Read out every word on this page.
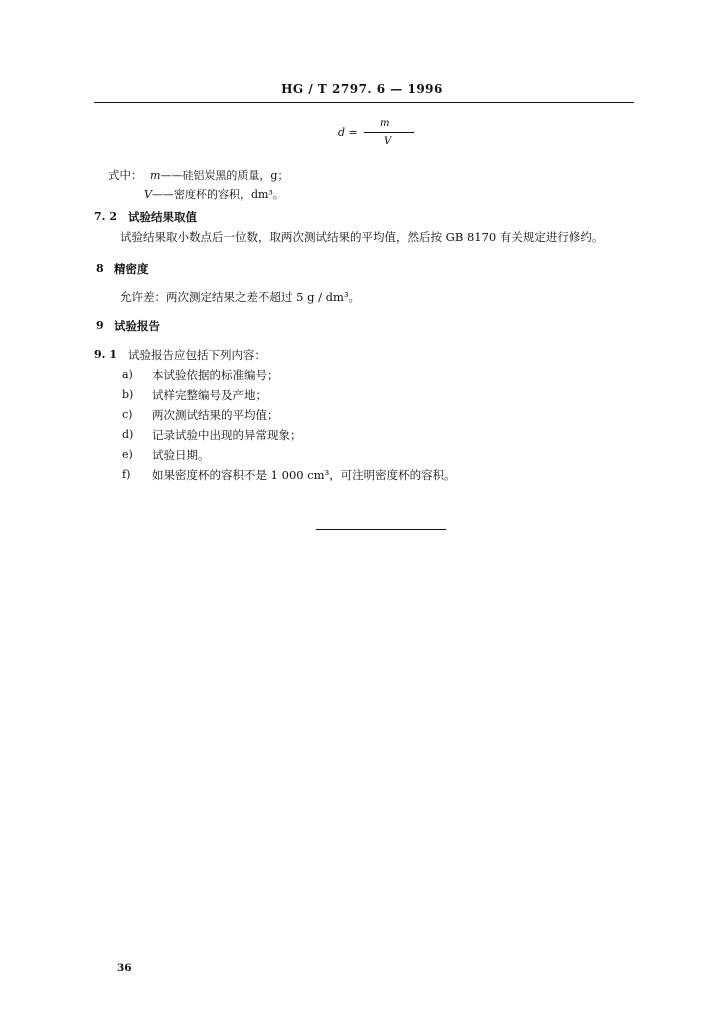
HG / T 2797. 6 — 1996
d =
m
V
式中： m——硅铝炭黑的质量，g；
V——密度杯的容积，dm³。
7. 2 试验结果取值
试验结果取小数点后一位数，取两次测试结果的平均值，然后按 GB 8170 有关规定进行修约。
8 精密度
允许差：两次测定结果之差不超过 5 g / dm³。
9 试验报告
9. 1 试验报告应包括下列内容：
a) 本试验依据的标准编号；
b) 试样完整编号及产地；
c) 两次测试结果的平均值；
d) 记录试验中出现的异常现象；
e) 试验日期。
f) 如果密度杯的容积不是 1 000 cm³，可注明密度杯的容积。
36
